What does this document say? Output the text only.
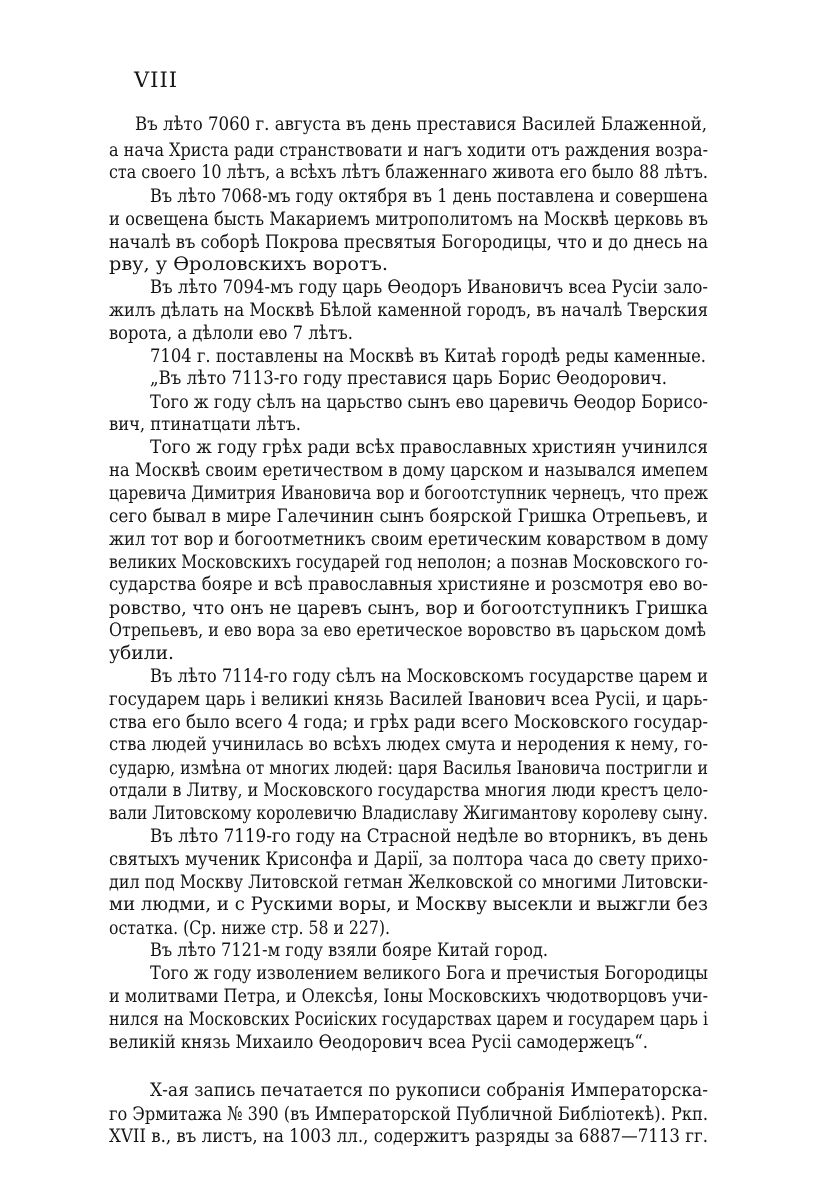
VIII
Въ лѣто 7060 г. августа въ день преставися Василей Блаженной,
а нача Христа ради странствовати и нагъ ходити отъ раждения возра-
ста своего 10 лѣтъ, а всѣхъ лѣтъ блаженнаго живота его было 88 лѣтъ.
Въ лѣто 7068-мъ году октября въ 1 день поставлена и совершена
и освещена бысть Макариемъ митрополитомъ на Москвѣ церковь въ
началѣ въ соборѣ Покрова пресвятыя Богородицы, что и до днесь на
рву, у Ѳроловскихъ воротъ.
Въ лѣто 7094-мъ году царь Ѳеодоръ Ивановичъ всеа Русіи зало-
жилъ дѣлать на Москвѣ Бѣлой каменной городъ, въ началѣ Тверския
ворота, а дѣлоли ево 7 лѣтъ.
7104 г. поставлены на Москвѣ въ Китаѣ городѣ реды каменные.
„Въ лѣто 7113-го году преставися царь Борис Ѳеодорович.
Того ж году сѣлъ на царьство сынъ ево царевичь Ѳеодор Борисо-
вич, птинатцати лѣтъ.
Того ж году грѣх ради всѣх православных християн учинился
на Москвѣ своим еретичеством в дому царском и назывался имепем
царевича Димитрия Ивановича вор и богоотступник чернецъ, что преж
сего бывал в мире Галечинин сынъ боярской Гришка Отрепьевъ, и
жил тот вор и богоотметникъ своим еретическим коварством в дому
великих Московскихъ государей год неполон; а познав Московского го-
сударства бояре и всѣ православныя християне и розсмотря ево во-
ровство, что онъ не царевъ сынъ, вор и богоотступникъ Гришка
Отрепьевъ, и ево вора за ево еретическое воровство въ царьском домѣ
убили.
Въ лѣто 7114-го году сѣлъ на Московскомъ государстве царем и
государем царь і великиі князь Василей Іванович всеа Русіі, и царь-
ства его было всего 4 года; и грѣх ради всего Московского государ-
ства людей учинилась во всѣхъ людех смута и неродения к нему, го-
сударю, измѣна от многих людей: царя Василья Івановича постригли и
отдали в Литву, и Московского государства многия люди крестъ цело-
вали Литовскому королевичю Владиславу Жигимантову королеву сыну.
Въ лѣто 7119-го году на Страсной недѣле во вторникъ, въ день
святыхъ мученик Крисонфа и Дарії, за полтора часа до свету прихо-
дил под Москву Литовской гетман Желковской со многими Литовски-
ми людми, и с Рускими воры, и Москву высекли и выжгли без
остатка. (Ср. ниже стр. 58 и 227).
Въ лѣто 7121-м году взяли бояре Китай город.
Того ж году изволением великого Бога и пречистыя Богородицы
и молитвами Петра, и Олексѣя, Іоны Московскихъ чюдотворцовъ учи-
нился на Московских Росиіских государствах царем и государем царь і
великій князь Михаило Ѳеодорович всеа Русіі самодержецъ“.
Х-ая запись печатается по рукописи собранія Императорска-
го Эрмитажа № 390 (въ Императорской Публичной Библіотекѣ). Ркп.
XVII в., въ листъ, на 1003 лл., содержитъ разряды за 6887—7113 гг.
